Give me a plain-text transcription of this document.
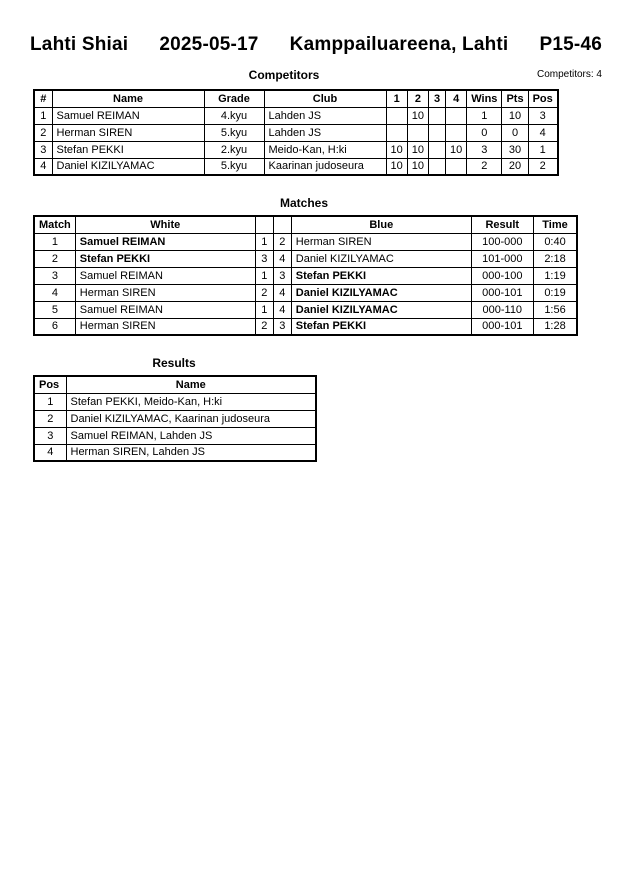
Lahti Shiai 2025-05-17 Kamppailuareena, Lahti P15-46
Competitors	Competitors: 4
#	Name	Grade	Club	1	2	3	4	Wins	Pts	Pos
1	Samuel REIMAN	4.kyu	Lahden JS		10			1	10	3
2	Herman SIREN	5.kyu	Lahden JS					0	0	4
3	Stefan PEKKI	2.kyu	Meido-Kan, H:ki	10	10		10	3	30	1
4	Daniel KIZILYAMAC	5.kyu	Kaarinan judoseura	10	10			2	20	2
Matches
Match	White			Blue	Result	Time
1	Samuel REIMAN	1	2	Herman SIREN	100-000	0:40
2	Stefan PEKKI	3	4	Daniel KIZILYAMAC	101-000	2:18
3	Samuel REIMAN	1	3	Stefan PEKKI	000-100	1:19
4	Herman SIREN	2	4	Daniel KIZILYAMAC	000-101	0:19
5	Samuel REIMAN	1	4	Daniel KIZILYAMAC	000-110	1:56
6	Herman SIREN	2	3	Stefan PEKKI	000-101	1:28
Results
Pos	Name
1	Stefan PEKKI, Meido-Kan, H:ki
2	Daniel KIZILYAMAC, Kaarinan judoseura
3	Samuel REIMAN, Lahden JS
4	Herman SIREN, Lahden JS
